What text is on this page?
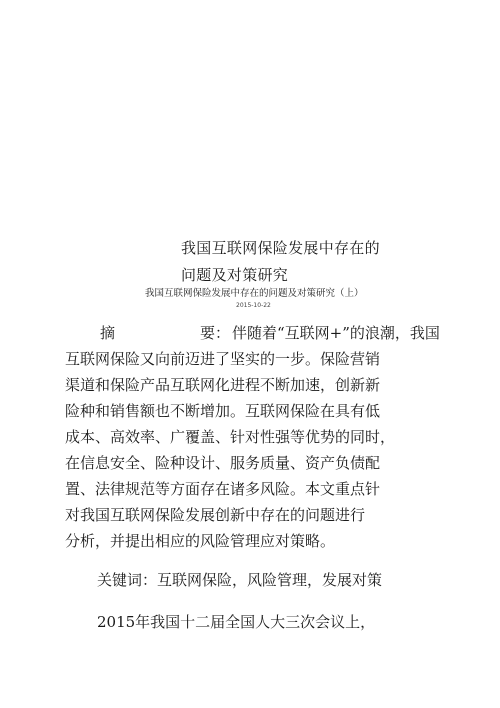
我国互联网保险发展中存在的
问题及对策研究
我国互联网保险发展中存在的问题及对策研究（上）
2015-10-22
摘	要： 伴随着“互联网+”的浪潮，我国
互联网保险又向前迈进了坚实的一步。保险营销
渠道和保险产品互联网化进程不断加速，创新新
险种和销售额也不断增加。互联网保险在具有低
成本、高效率、广覆盖、针对性强等优势的同时，
在信息安全、险种设计、服务质量、资产负债配
置、法律规范等方面存在诸多风险。本文重点针
对我国互联网保险发展创新中存在的问题进行
分析，并提出相应的风险管理应对策略。
关键词：互联网保险，风险管理，发展对策
2015年我国十二届全国人大三次会议上，
